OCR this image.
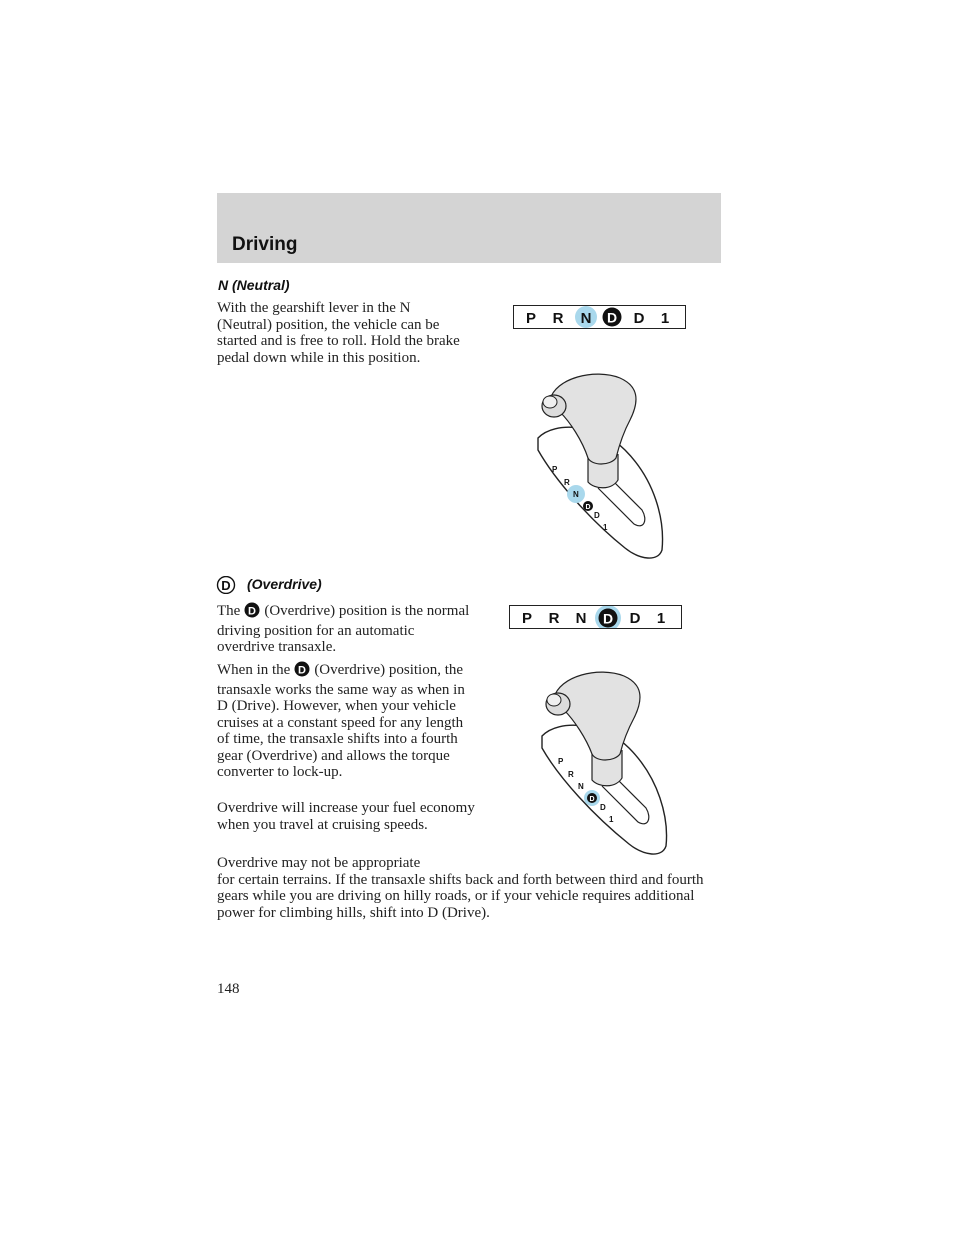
Driving
N (Neutral)

With the gearshift lever in the N (Neutral) position, the vehicle can be started and is free to roll. Hold the brake pedal down while in this position.

P R N D D 1
P
R
N
D
D
1
D (Overdrive)

The D (Overdrive) position is the normal driving position for an automatic overdrive transaxle.

When in the D (Overdrive) position, the transaxle works the same way as when in D (Drive). However, when your vehicle cruises at a constant speed for any length of time, the transaxle shifts into a fourth gear (Overdrive) and allows the torque converter to lock-up.

Overdrive will increase your fuel economy when you travel at cruising speeds.

Overdrive may not be appropriate
for certain terrains. If the transaxle shifts back and forth between third and fourth gears while you are driving on hilly roads, or if your vehicle requires additional power for climbing hills, shift into D (Drive).

P R N D D 1
P
R
N
D
D
1
148
